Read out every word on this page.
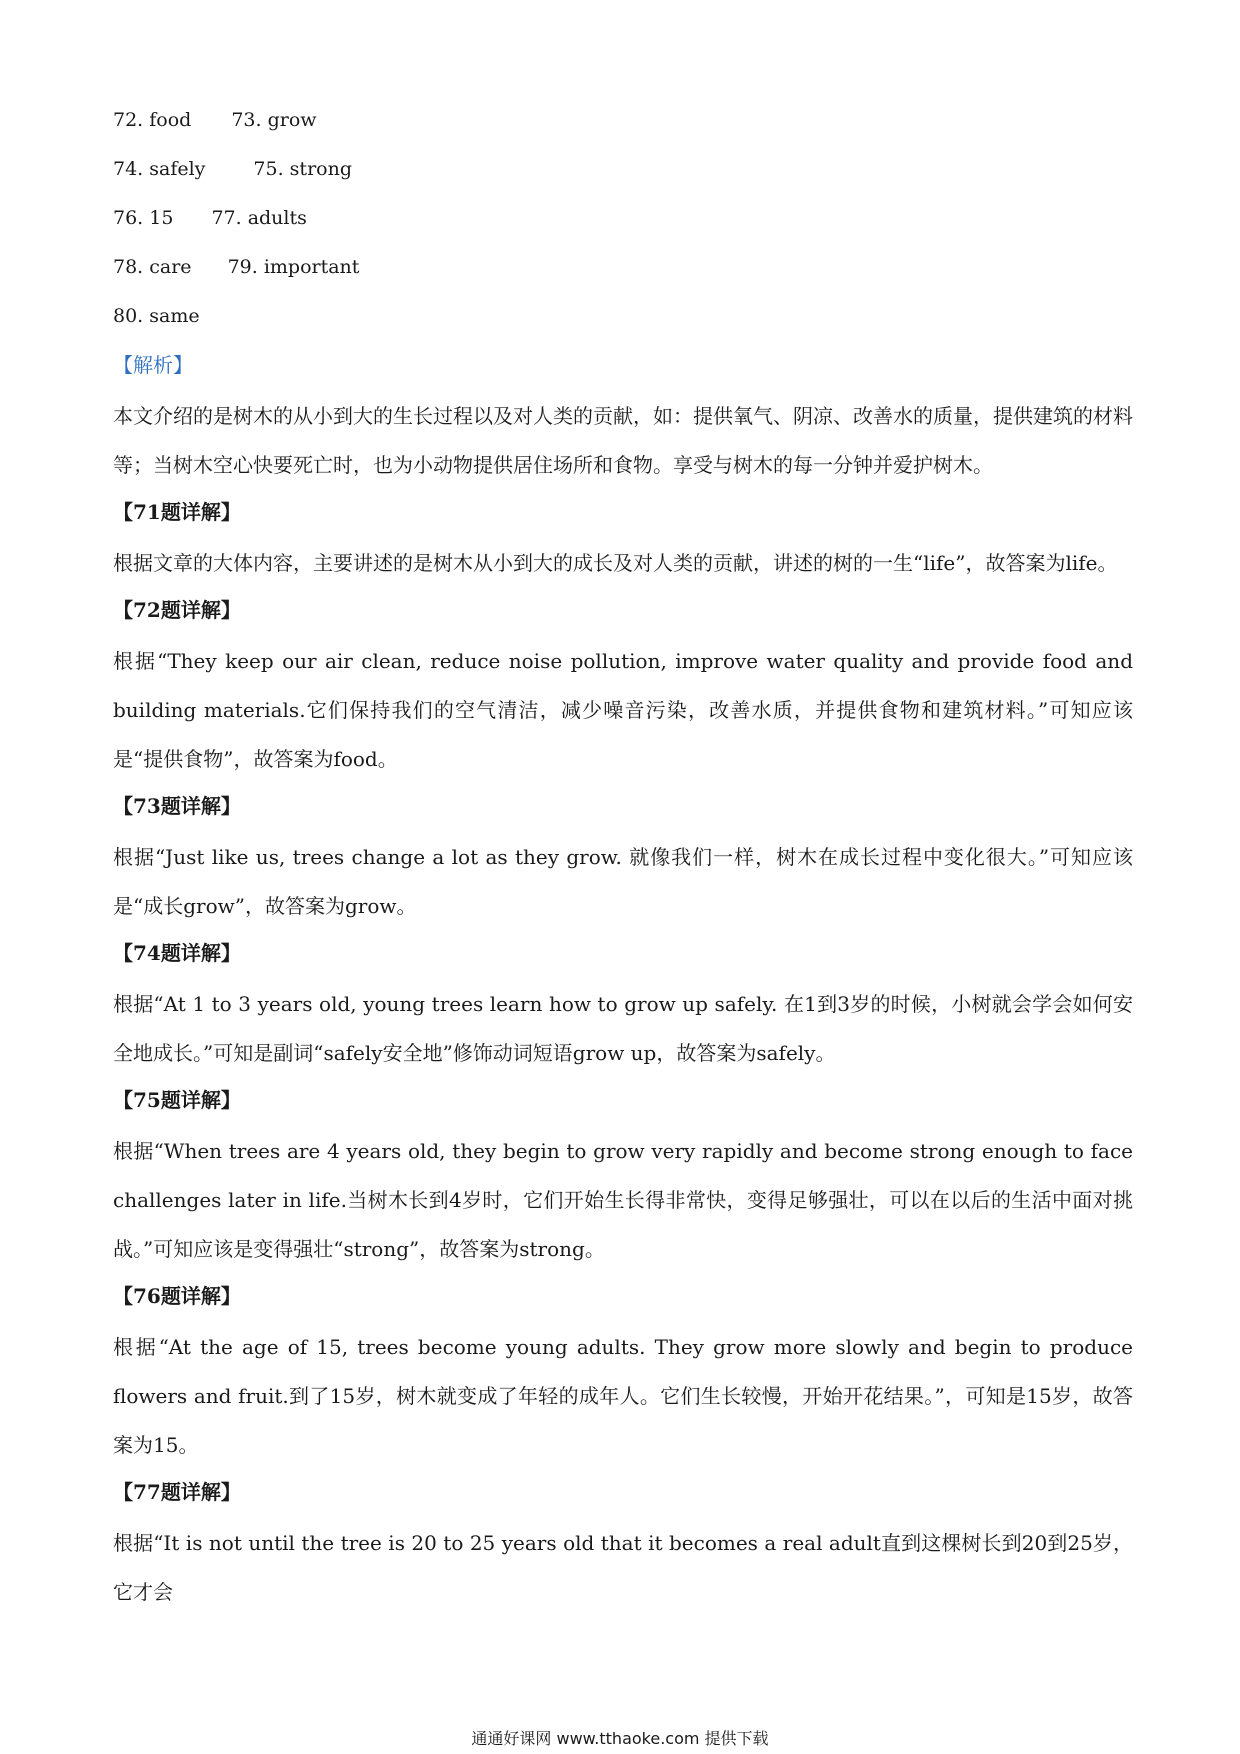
72. food 73. grow
74. safely	75. strong
76. 15 77. adults
78. care 79. important
80. same
【解析】
本文介绍的是树木的从小到大的生长过程以及对人类的贡献，如：提供氧气、阴凉、改善水的质量，提供建筑的材料等；当树木空心快要死亡时，也为小动物提供居住场所和食物。享受与树木的每一分钟并爱护树木。
【71题详解】
根据文章的大体内容，主要讲述的是树木从小到大的成长及对人类的贡献，讲述的树的一生“life”，故答案为life。
【72题详解】
根据“They keep our air clean, reduce noise pollution, improve water quality and provide food and building materials.它们保持我们的空气清洁，减少噪音污染，改善水质，并提供食物和建筑材料。”可知应该是“提供食物”，故答案为food。
【73题详解】
根据“Just like us, trees change a lot as they grow. 就像我们一样，树木在成长过程中变化很大。”可知应该是“成长grow”，故答案为grow。
【74题详解】
根据“At 1 to 3 years old, young trees learn how to grow up safely. 在1到3岁的时候，小树就会学会如何安全地成长。”可知是副词“safely安全地”修饰动词短语grow up，故答案为safely。
【75题详解】
根据“When trees are 4 years old, they begin to grow very rapidly and become strong enough to face challenges later in life.当树木长到4岁时，它们开始生长得非常快，变得足够强壮，可以在以后的生活中面对挑战。”可知应该是变得强壮“strong”，故答案为strong。
【76题详解】
根据“At the age of 15, trees become young adults. They grow more slowly and begin to produce flowers and fruit.到了15岁，树木就变成了年轻的成年人。它们生长较慢，开始开花结果。”，可知是15岁，故答案为15。
【77题详解】
根据“It is not until the tree is 20 to 25 years old that it becomes a real adult直到这棵树长到20到25岁，它才会
通通好课网 www.tthaoke.com 提供下载
